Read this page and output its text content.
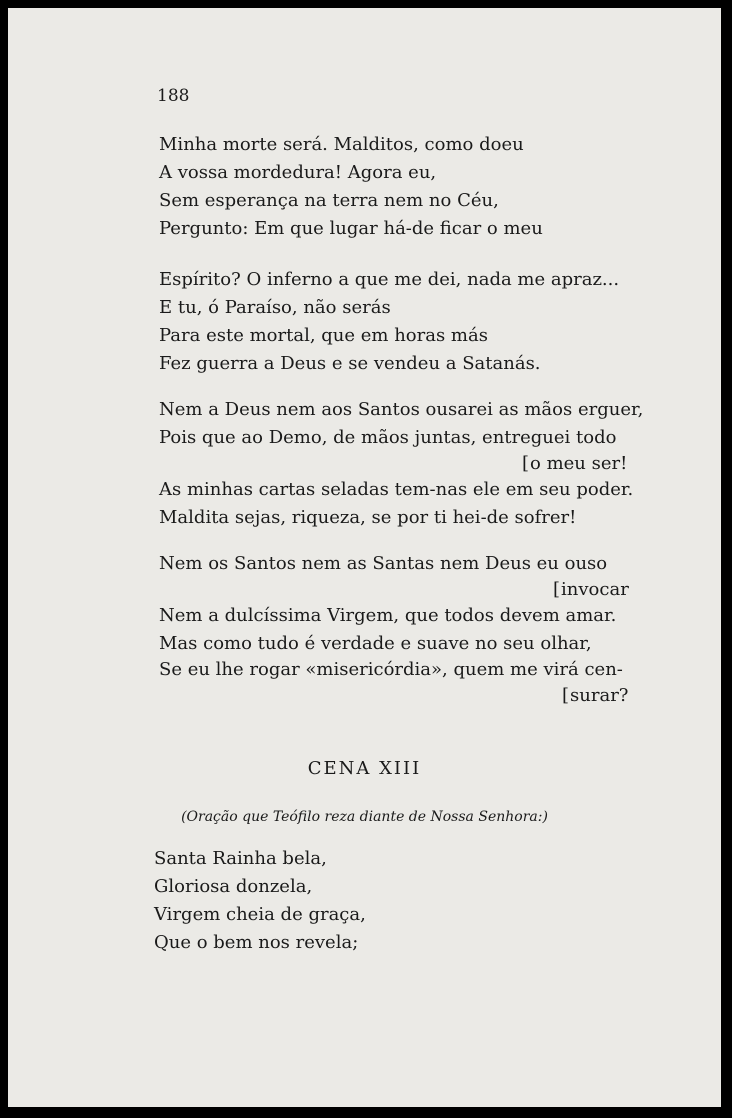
188
Minha morte será. Malditos, como doeu
A vossa mordedura! Agora eu,
Sem esperança na terra nem no Céu,
Pergunto: Em que lugar há-de ficar o meu
Espírito? O inferno a que me dei, nada me apraz...
E tu, ó Paraíso, não serás
Para este mortal, que em horas más
Fez guerra a Deus e se vendeu a Satanás.
Nem a Deus nem aos Santos ousarei as mãos erguer,
Pois que ao Demo, de mãos juntas, entreguei todo
[o meu ser!
As minhas cartas seladas tem-nas ele em seu poder.
Maldita sejas, riqueza, se por ti hei-de sofrer!
Nem os Santos nem as Santas nem Deus eu ouso
[invocar
Nem a dulcíssima Virgem, que todos devem amar.
Mas como tudo é verdade e suave no seu olhar,
Se eu lhe rogar «misericórdia», quem me virá cen-
[surar?
CENA XIII
(Oração que Teófilo reza diante de Nossa Senhora:)
Santa Rainha bela,
Gloriosa donzela,
Virgem cheia de graça,
Que o bem nos revela;
